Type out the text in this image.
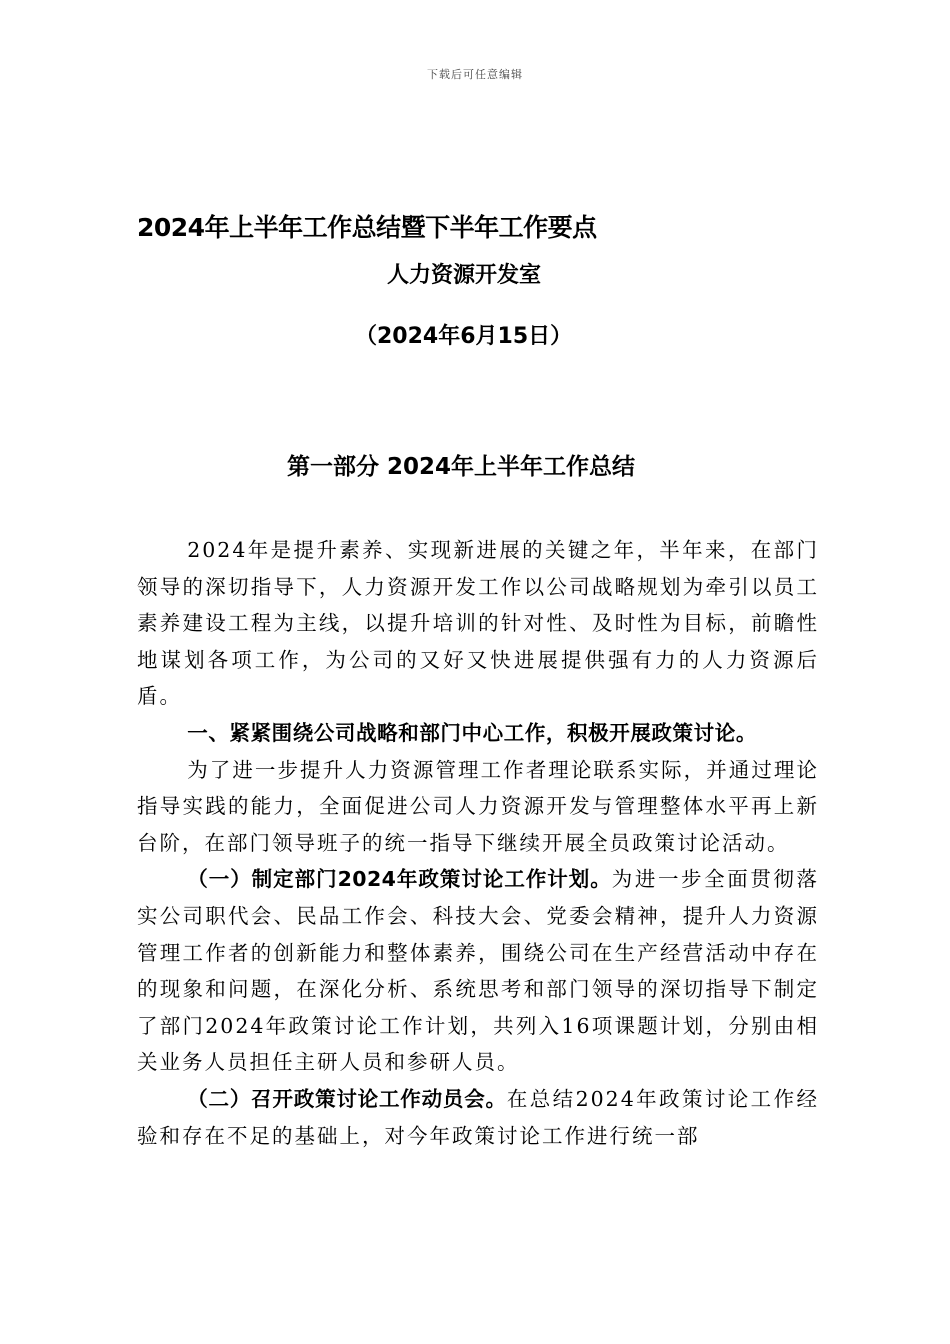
下载后可任意编辑
2024年上半年工作总结暨下半年工作要点
人力资源开发室
（2024年6月15日）
第一部分 2024年上半年工作总结

2024年是提升素养、实现新进展的关键之年，半年来，在部门领导的深切指导下，人力资源开发工作以公司战略规划为牵引以员工素养建设工程为主线，以提升培训的针对性、及时性为目标，前瞻性地谋划各项工作，为公司的又好又快进展提供强有力的人力资源后盾。

一、紧紧围绕公司战略和部门中心工作，积极开展政策讨论。

为了进一步提升人力资源管理工作者理论联系实际，并通过理论指导实践的能力，全面促进公司人力资源开发与管理整体水平再上新台阶，在部门领导班子的统一指导下继续开展全员政策讨论活动。

（一）制定部门2024年政策讨论工作计划。为进一步全面贯彻落实公司职代会、民品工作会、科技大会、党委会精神，提升人力资源管理工作者的创新能力和整体素养，围绕公司在生产经营活动中存在的现象和问题，在深化分析、系统思考和部门领导的深切指导下制定了部门2024年政策讨论工作计划，共列入16项课题计划，分别由相关业务人员担任主研人员和参研人员。

（二）召开政策讨论工作动员会。在总结2024年政策讨论工作经验和存在不足的基础上，对今年政策讨论工作进行统一部
